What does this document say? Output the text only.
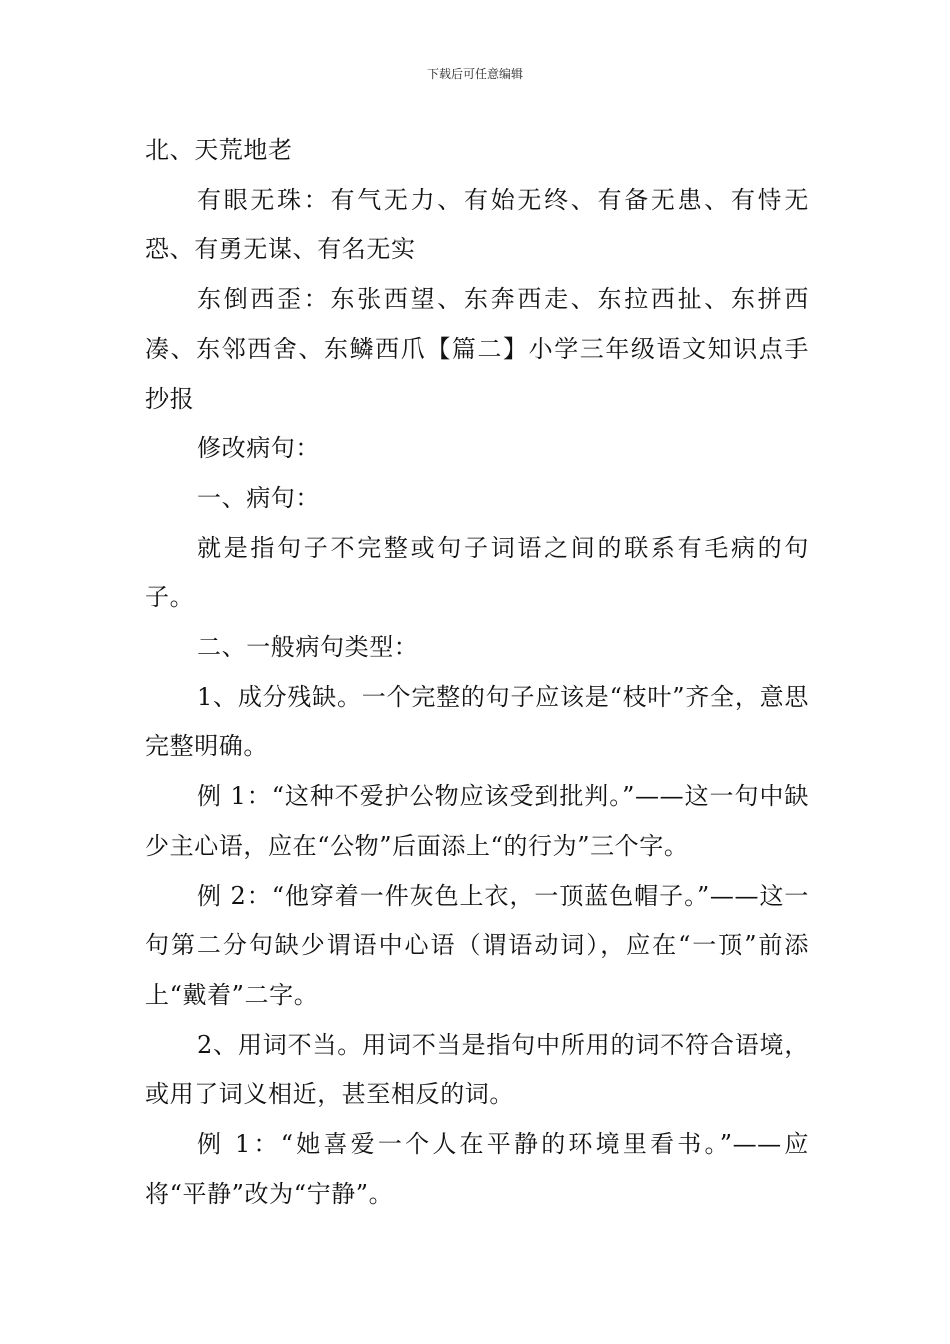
下载后可任意编辑

北、天荒地老

有眼无珠：有气无力、有始无终、有备无患、有恃无恐、有勇无谋、有名无实

东倒西歪：东张西望、东奔西走、东拉西扯、东拼西凑、东邻西舍、东鳞西爪【篇二】小学三年级语文知识点手抄报

修改病句：

一、病句：

就是指句子不完整或句子词语之间的联系有毛病的句子。

二、一般病句类型：

1、成分残缺。一个完整的句子应该是“枝叶”齐全，意思完整明确。

例 1：“这种不爱护公物应该受到批判。”——这一句中缺少主心语，应在“公物”后面添上“的行为”三个字。

例 2：“他穿着一件灰色上衣，一顶蓝色帽子。”——这一句第二分句缺少谓语中心语（谓语动词），应在“一顶”前添上“戴着”二字。

2、用词不当。用词不当是指句中所用的词不符合语境，或用了词义相近，甚至相反的词。

例 1：“她喜爱一个人在平静的环境里看书。”——应将“平静”改为“宁静”。
